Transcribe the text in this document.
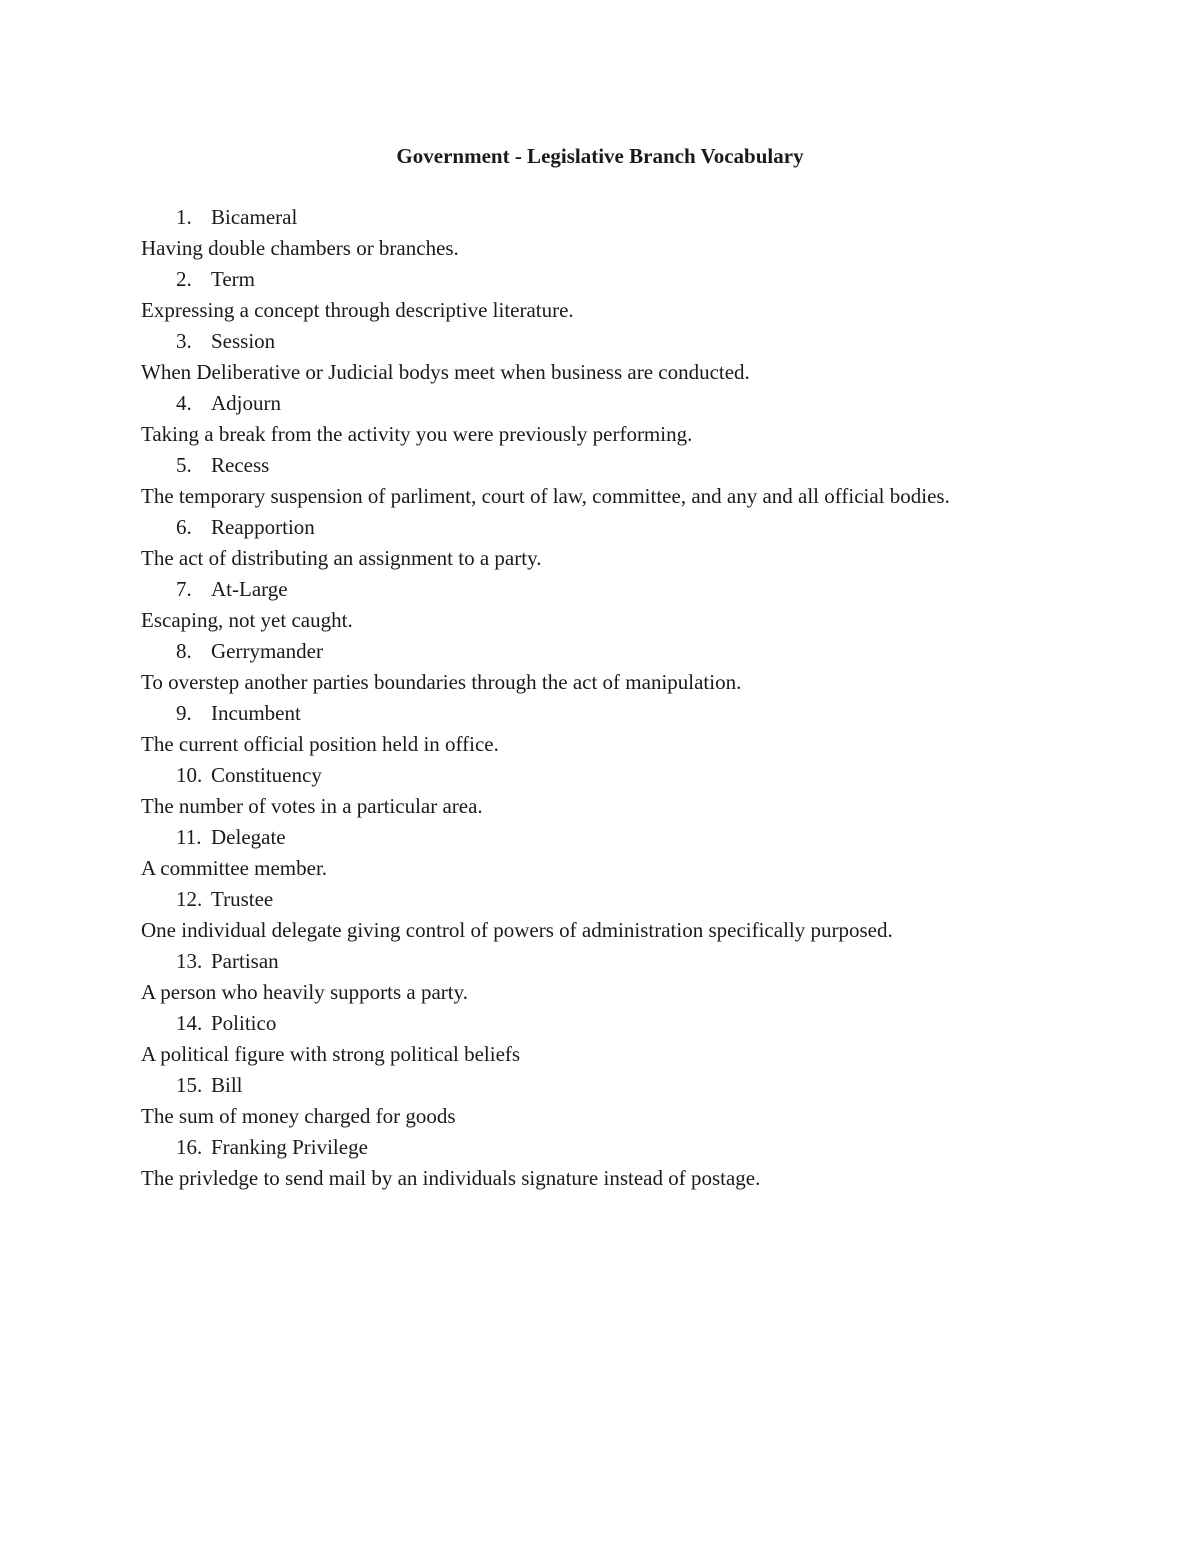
Government - Legislative Branch Vocabulary
1. Bicameral
Having double chambers or branches.
2. Term
Expressing a concept through descriptive literature.
3. Session
When Deliberative or Judicial bodys meet when business are conducted.
4. Adjourn
Taking a break from the activity you were previously performing.
5. Recess
The temporary suspension of parliment, court of law, committee, and any and all official bodies.
6. Reapportion
The act of distributing an assignment to a party.
7. At-Large
Escaping, not yet caught.
8. Gerrymander
To overstep another parties boundaries through the act of manipulation.
9. Incumbent
The current official position held in office.
10. Constituency
The number of votes in a particular area.
11. Delegate
A committee member.
12. Trustee
One individual delegate giving control of powers of administration specifically purposed.
13. Partisan
A person who heavily supports a party.
14. Politico
A political figure with strong political beliefs
15. Bill
The sum of money charged for goods
16. Franking Privilege
The privledge to send mail by an individuals signature instead of postage.
